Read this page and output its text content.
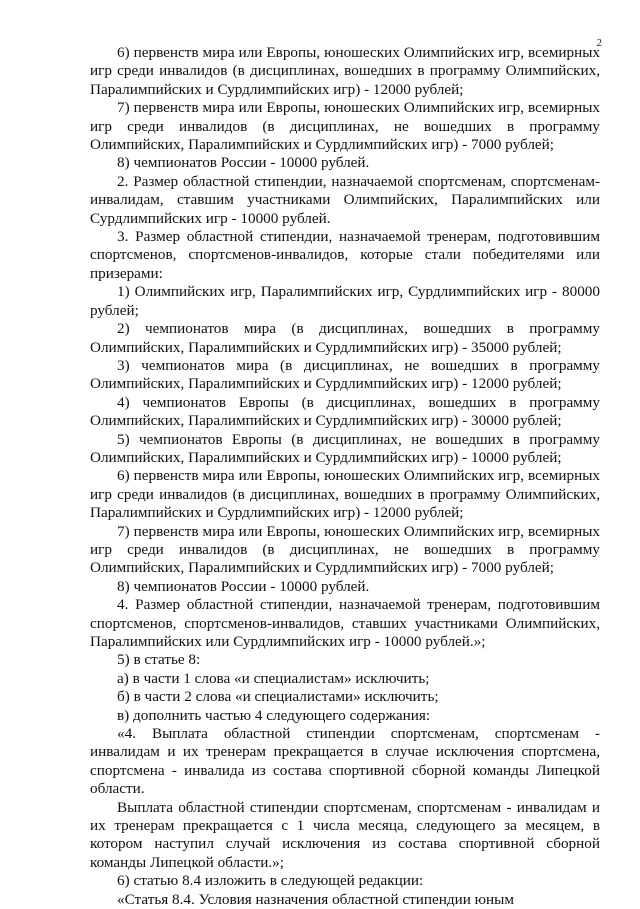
2

6) первенств мира или Европы, юношеских Олимпийских игр, всемирных игр среди инвалидов (в дисциплинах, вошедших в программу Олимпийских, Паралимпийских и Сурдлимпийских игр) - 12000 рублей;

7) первенств мира или Европы, юношеских Олимпийских игр, всемирных игр среди инвалидов (в дисциплинах, не вошедших в программу Олимпийских, Паралимпийских и Сурдлимпийских игр) - 7000 рублей;

8) чемпионатов России - 10000 рублей.

2. Размер областной стипендии, назначаемой спортсменам, спортсменам-инвалидам, ставшим участниками Олимпийских, Паралимпийских или Сурдлимпийских игр - 10000 рублей.

3. Размер областной стипендии, назначаемой тренерам, подготовившим спортсменов, спортсменов-инвалидов, которые стали победителями или призерами:

1) Олимпийских игр, Паралимпийских игр, Сурдлимпийских игр - 80000 рублей;

2) чемпионатов мира (в дисциплинах, вошедших в программу Олимпийских, Паралимпийских и Сурдлимпийских игр) - 35000 рублей;

3) чемпионатов мира (в дисциплинах, не вошедших в программу Олимпийских, Паралимпийских и Сурдлимпийских игр) - 12000 рублей;

4) чемпионатов Европы (в дисциплинах, вошедших в программу Олимпийских, Паралимпийских и Сурдлимпийских игр) - 30000 рублей;

5) чемпионатов Европы (в дисциплинах, не вошедших в программу Олимпийских, Паралимпийских и Сурдлимпийских игр) - 10000 рублей;

6) первенств мира или Европы, юношеских Олимпийских игр, всемирных игр среди инвалидов (в дисциплинах, вошедших в программу Олимпийских, Паралимпийских и Сурдлимпийских игр) - 12000 рублей;

7) первенств мира или Европы, юношеских Олимпийских игр, всемирных игр среди инвалидов (в дисциплинах, не вошедших в программу Олимпийских, Паралимпийских и Сурдлимпийских игр) - 7000 рублей;

8) чемпионатов России - 10000 рублей.

4. Размер областной стипендии, назначаемой тренерам, подготовившим спортсменов, спортсменов-инвалидов, ставших участниками Олимпийских, Паралимпийских или Сурдлимпийских игр - 10000 рублей.»;

5) в статье 8:

а) в части 1 слова «и специалистам» исключить;

б) в части 2 слова «и специалистами» исключить;

в) дополнить частью 4 следующего содержания:

«4. Выплата областной стипендии спортсменам, спортсменам - инвалидам и их тренерам прекращается в случае исключения спортсмена, спортсмена - инвалида из состава спортивной сборной команды Липецкой области.

Выплата областной стипендии спортсменам, спортсменам - инвалидам и их тренерам прекращается с 1 числа месяца, следующего за месяцем, в котором наступил случай исключения из состава спортивной сборной команды Липецкой области.»;

6) статью 8.4 изложить в следующей редакции:

«Статья 8.4. Условия назначения областной стипендии юным
